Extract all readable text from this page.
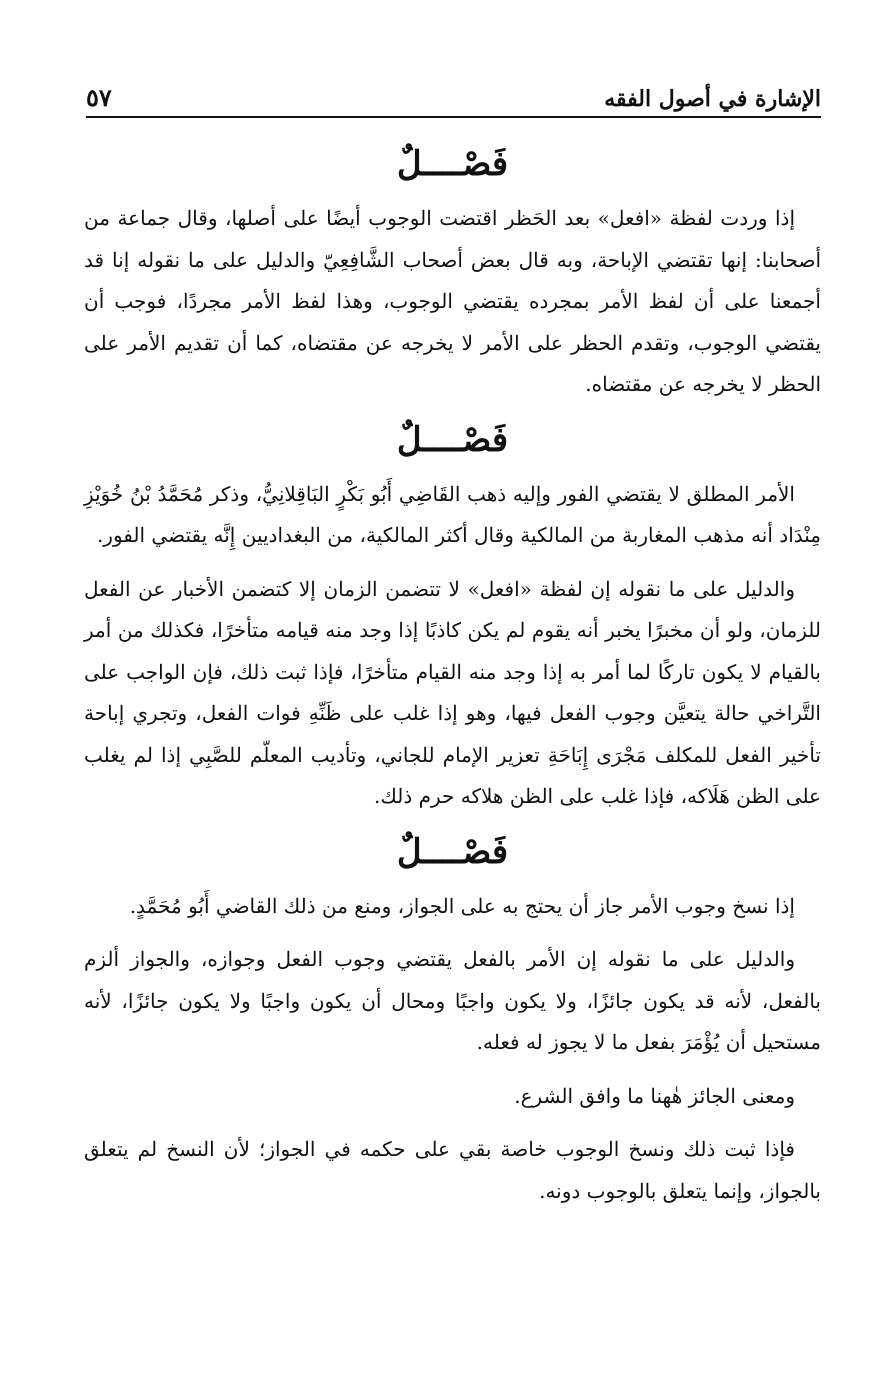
الإشارة في أصول الفقه
٥٧
فَصْــــلٌ

إذا وردت لفظة «افعل» بعد الحَظر اقتضت الوجوب أيضًا على أصلها، وقال جماعة من أصحابنا: إنها تقتضي الإباحة، وبه قال بعض أصحاب الشَّافِعِيّ والدليل على ما نقوله إنا قد أجمعنا على أن لفظ الأمر بمجرده يقتضي الوجوب، وهذا لفظ الأمر مجردًا، فوجب أن يقتضي الوجوب، وتقدم الحظر على الأمر لا يخرجه عن مقتضاه، كما أن تقديم الأمر على الحظر لا يخرجه عن مقتضاه.

فَصْــــلٌ

الأمر المطلق لا يقتضي الفور وإليه ذهب القَاضِي أَبُو بَكْرٍ البَاقِلانِيُّ، وذكر مُحَمَّدُ بْنُ خُوَيْزِ مِنْدَاد أنه مذهب المغاربة من المالكية وقال أكثر المالكية، من البغداديين إِنَّه يقتضي الفور.

والدليل على ما نقوله إن لفظة «افعل» لا تتضمن الزمان إلا كتضمن الأخبار عن الفعل للزمان، ولو أن مخبرًا يخبر أنه يقوم لم يكن كاذبًا إذا وجد منه قيامه متأخرًا، فكذلك من أمر بالقيام لا يكون تاركًا لما أمر به إذا وجد منه القيام متأخرًا، فإذا ثبت ذلك، فإن الواجب على التَّراخي حالة يتعيَّن وجوب الفعل فيها، وهو إذا غلب على ظَنِّهِ فوات الفعل، وتجري إباحة تأخير الفعل للمكلف مَجْرَى إِبَاحَةِ تعزير الإمام للجاني، وتأديب المعلّم للصَّبِي إذا لم يغلب على الظن هَلَاكه، فإذا غلب على الظن هلاكه حرم ذلك.

فَصْــــلٌ

إذا نسخ وجوب الأمر جاز أن يحتج به على الجواز، ومنع من ذلك القاضي أَبُو مُحَمَّدٍ.

والدليل على ما نقوله إن الأمر بالفعل يقتضي وجوب الفعل وجوازه، والجواز ألزم بالفعل، لأنه قد يكون جائزًا، ولا يكون واجبًا ومحال أن يكون واجبًا ولا يكون جائزًا، لأنه مستحيل أن يُؤْمَرَ بفعل ما لا يجوز له فعله.

ومعنى الجائز هٰهنا ما وافق الشرع.

فإذا ثبت ذلك ونسخ الوجوب خاصة بقي على حكمه في الجواز؛ لأن النسخ لم يتعلق بالجواز، وإنما يتعلق بالوجوب دونه.
